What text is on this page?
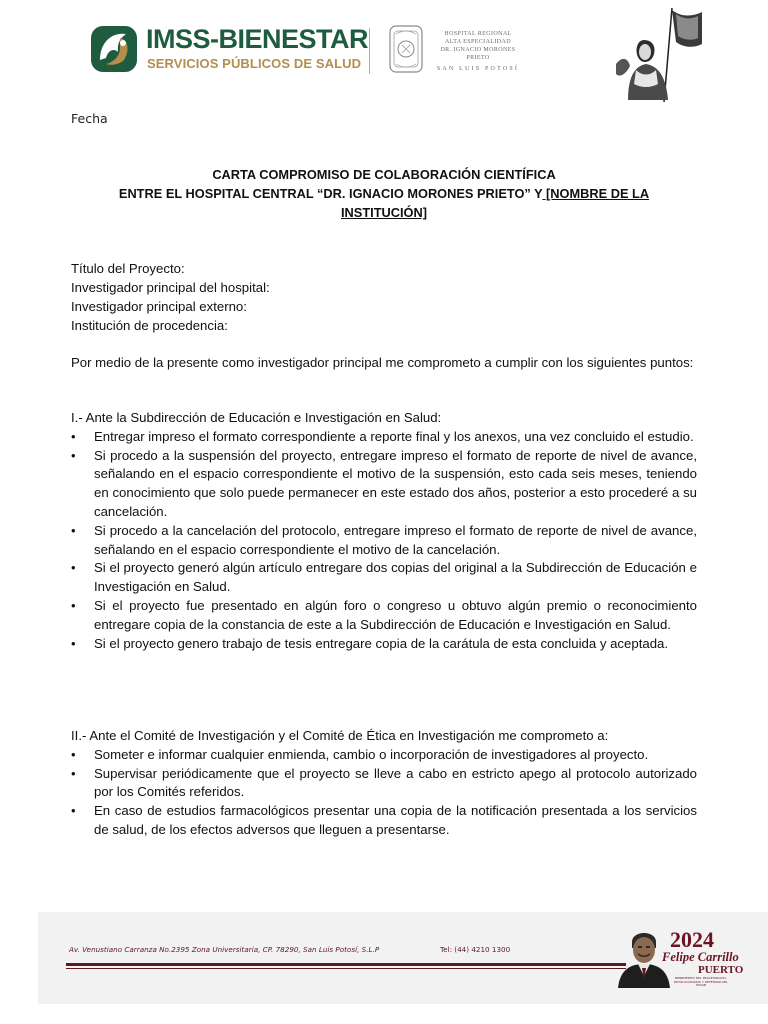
IMSS-BIENESTAR
SERVICIOS PÚBLICOS DE SALUD
HOSPITAL REGIONAL
ALTA ESPECIALIDAD
DR. IGNACIO MORONES PRIETO
SAN LUIS POTOSÍ
Fecha
CARTA COMPROMISO DE COLABORACIÓN CIENTÍFICA
ENTRE EL HOSPITAL CENTRAL “DR. IGNACIO MORONES PRIETO” Y [NOMBRE DE LA
INSTITUCIÓN]
Título del Proyecto:
Investigador principal del hospital:
Investigador principal externo:
Institución de procedencia:
Por medio de la presente como investigador principal me comprometo a cumplir con los siguientes puntos:
I.- Ante la Subdirección de Educación e Investigación en Salud:
• Entregar impreso el formato correspondiente a reporte final y los anexos, una vez concluido el estudio.
• Si procedo a la suspensión del proyecto, entregare impreso el formato de reporte de nivel de avance, señalando en el espacio correspondiente el motivo de la suspensión, esto cada seis meses, teniendo en conocimiento que solo puede permanecer en este estado dos años, posterior a esto procederé a su cancelación.
• Si procedo a la cancelación del protocolo, entregare impreso el formato de reporte de nivel de avance, señalando en el espacio correspondiente el motivo de la cancelación.
• Si el proyecto generó algún artículo entregare dos copias del original a la Subdirección de Educación e Investigación en Salud.
• Si el proyecto fue presentado en algún foro o congreso u obtuvo algún premio o reconocimiento entregare copia de la constancia de este a la Subdirección de Educación e Investigación en Salud.
• Si el proyecto genero trabajo de tesis entregare copia de la carátula de esta concluida y aceptada.
II.- Ante el Comité de Investigación y el Comité de Ética en Investigación me comprometo a:
• Someter e informar cualquier enmienda, cambio o incorporación de investigadores al proyecto.
• Supervisar periódicamente que el proyecto se lleve a cabo en estricto apego al protocolo autorizado por los Comités referidos.
• En caso de estudios farmacológicos presentar una copia de la notificación presentada a los servicios de salud, de los efectos adversos que lleguen a presentarse.
Av. Venustiano Carranza No.2395 Zona Universitaria, CP. 78290, San Luis Potosí, S.L.P	Tel: (44) 4210 1300	2024
Felipe Carrillo
PUERTO
BENEMÉRITO DEL PROLETARIADO, REVOLUCIONARIO Y DEFENSOR DEL MAYAB
